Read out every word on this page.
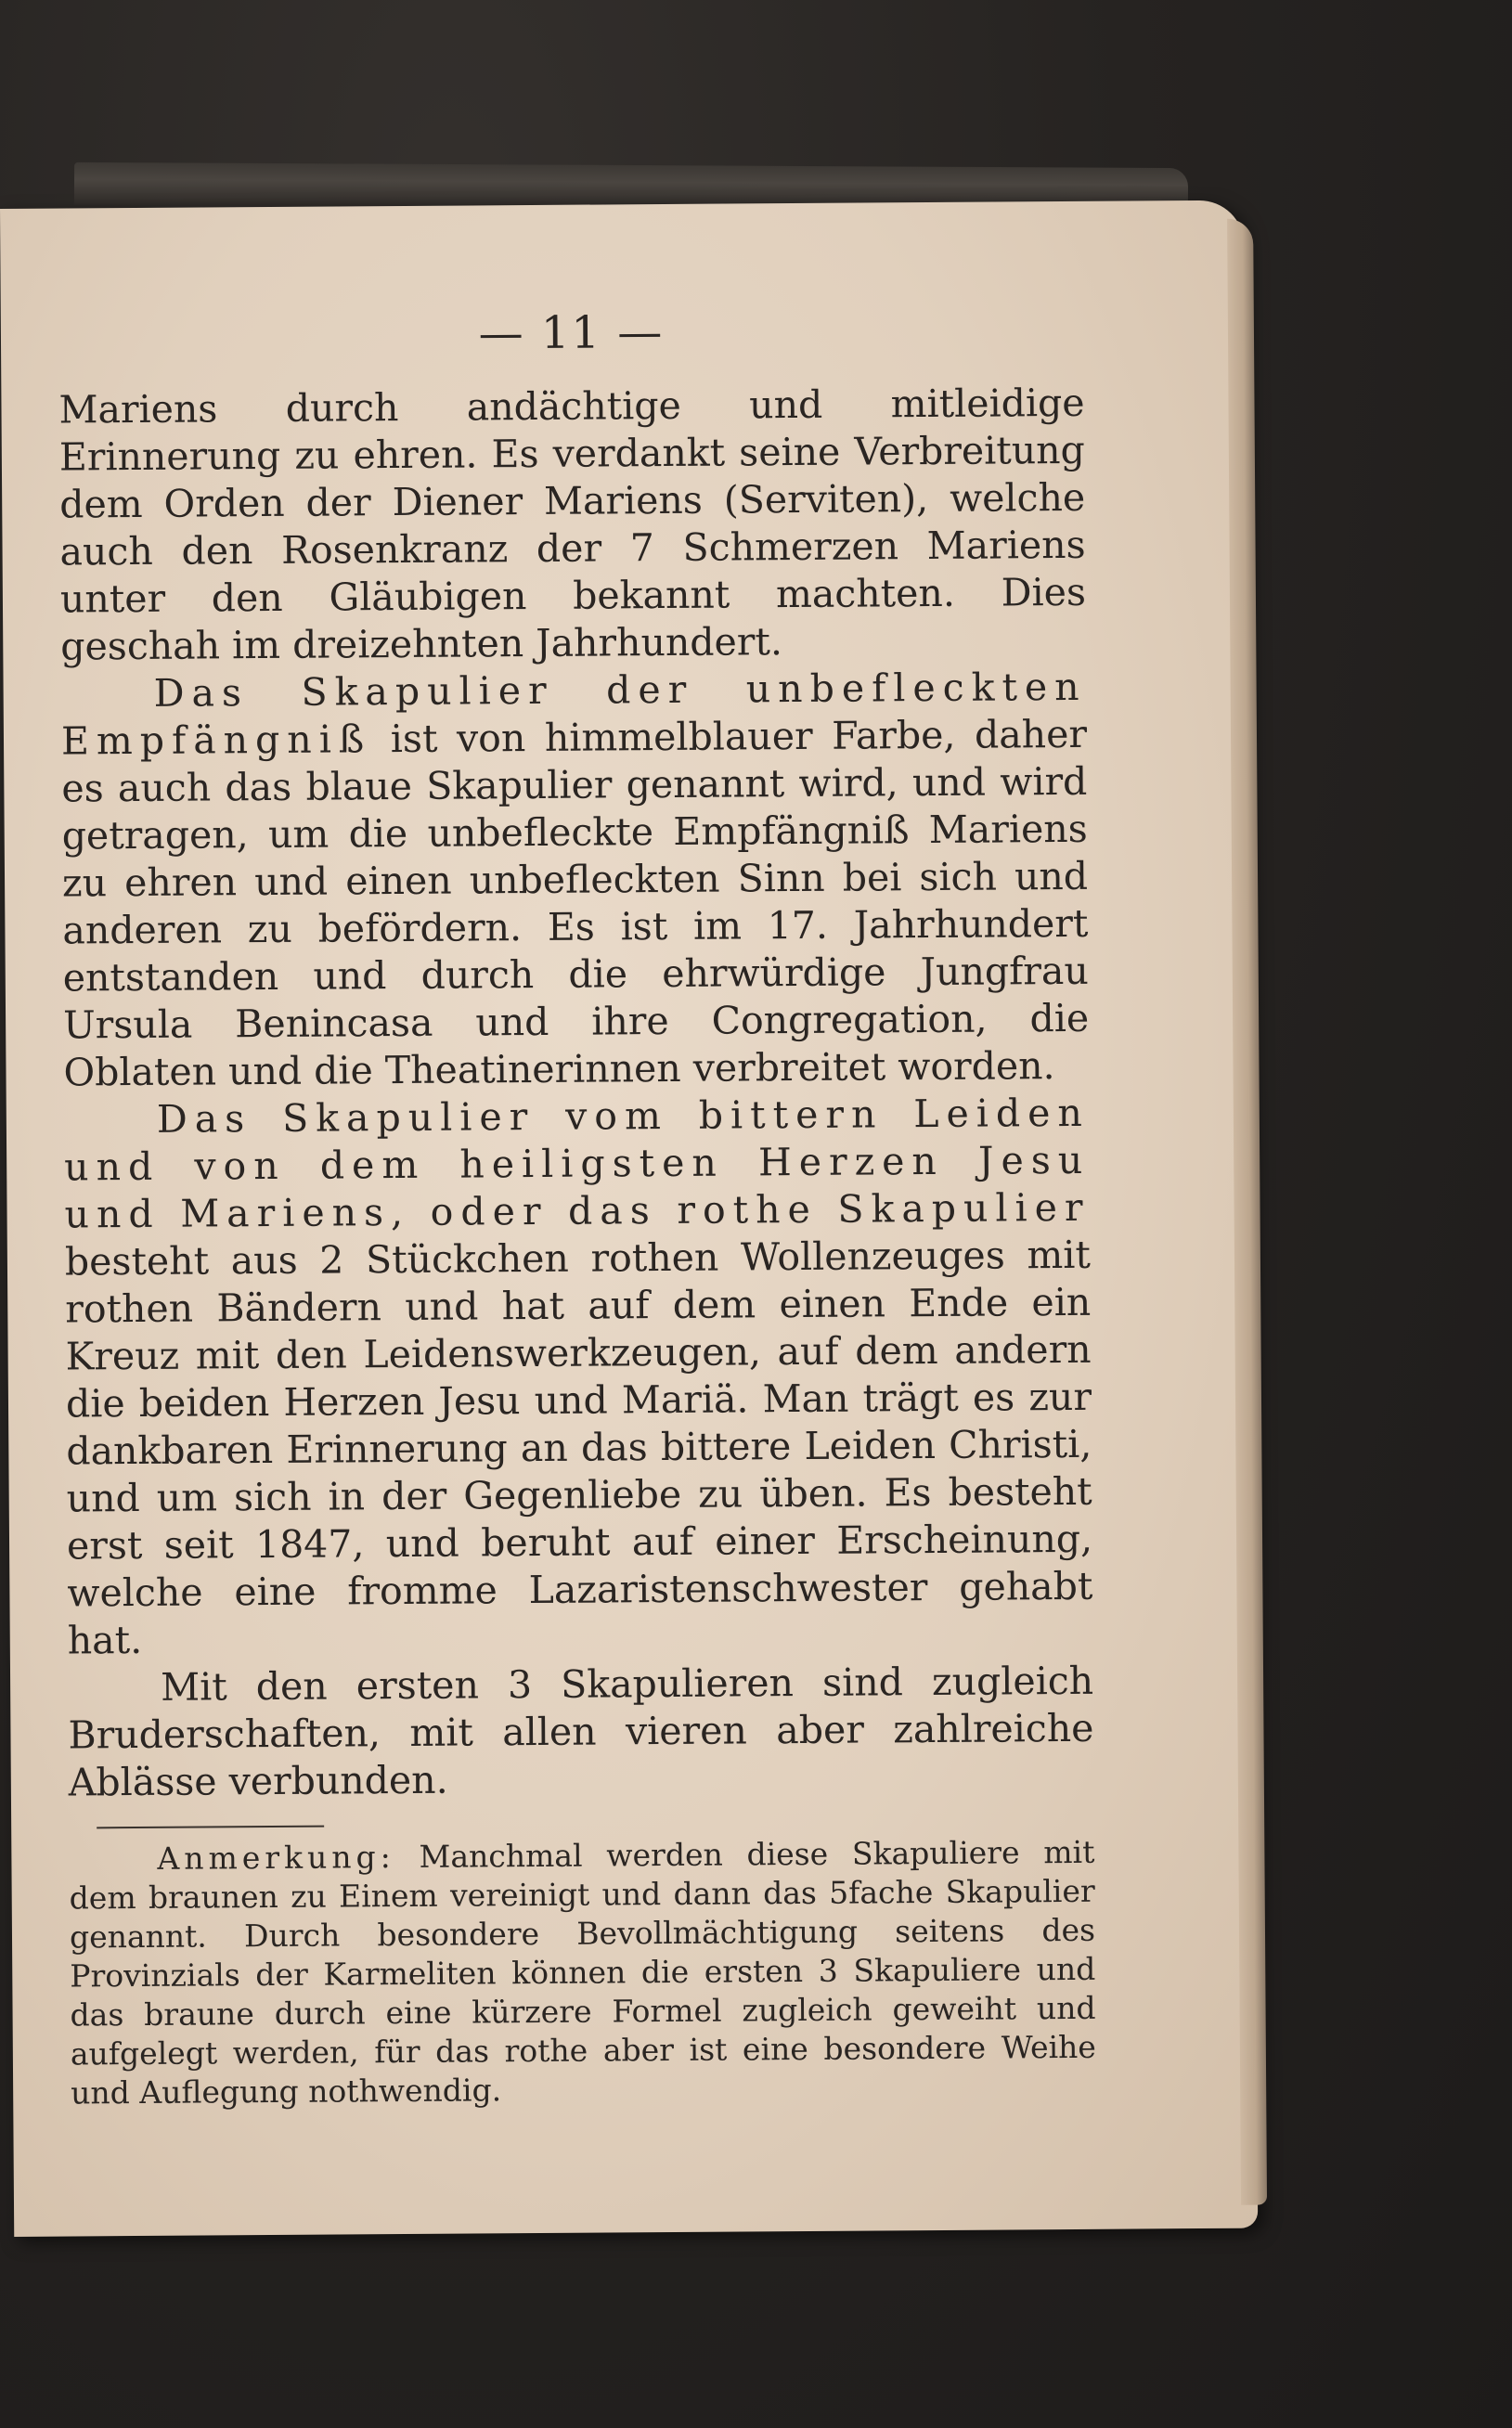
— 11 —

Mariens durch andächtige und mitleidige Erinnerung zu ehren. Es verdankt seine Verbreitung dem Orden der Diener Mariens (Serviten), welche auch den Rosenkranz der 7 Schmerzen Mariens unter den Gläubigen bekannt machten. Dies geschah im dreizehnten Jahrhundert.

Das Skapulier der unbefleckten Empfängniß ist von himmelblauer Farbe, daher es auch das blaue Skapulier genannt wird, und wird getragen, um die unbefleckte Empfängniß Mariens zu ehren und einen unbefleckten Sinn bei sich und anderen zu befördern. Es ist im 17. Jahrhundert entstanden und durch die ehrwürdige Jungfrau Ursula Benincasa und ihre Congregation, die Oblaten und die Theatinerinnen verbreitet worden.

Das Skapulier vom bittern Leiden und von dem heiligsten Herzen Jesu und Mariens, oder das rothe Skapulier besteht aus 2 Stückchen rothen Wollenzeuges mit rothen Bändern und hat auf dem einen Ende ein Kreuz mit den Leidenswerkzeugen, auf dem andern die beiden Herzen Jesu und Mariä. Man trägt es zur dankbaren Erinnerung an das bittere Leiden Christi, und um sich in der Gegenliebe zu üben. Es besteht erst seit 1847, und beruht auf einer Erscheinung, welche eine fromme Lazaristenschwester gehabt hat.

Mit den ersten 3 Skapulieren sind zugleich Bruderschaften, mit allen vieren aber zahlreiche Ablässe verbunden.

Anmerkung: Manchmal werden diese Skapuliere mit dem braunen zu Einem vereinigt und dann das 5fache Skapulier genannt. Durch besondere Bevollmächtigung seitens des Provinzials der Karmeliten können die ersten 3 Skapuliere und das braune durch eine kürzere Formel zugleich geweiht und aufgelegt werden, für das rothe aber ist eine besondere Weihe und Auflegung nothwendig.
